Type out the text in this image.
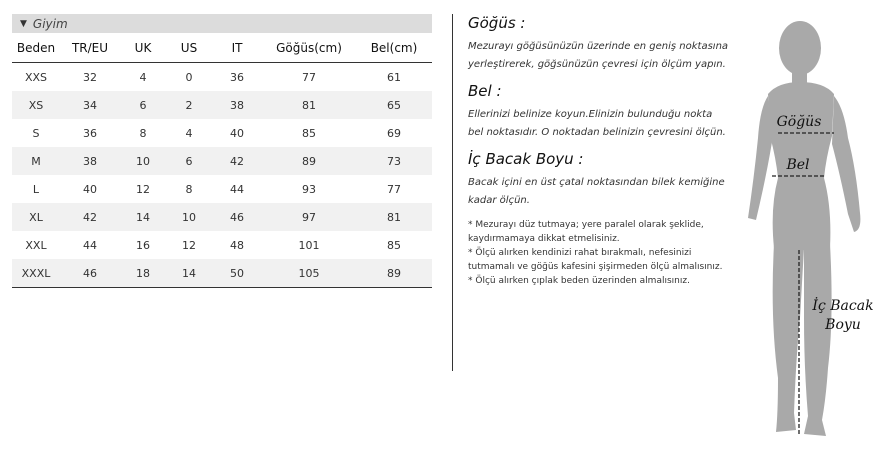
▼ Giyim
Beden	TR/EU	UK	US	IT	Göğüs(cm)	Bel(cm)
XXS	32	4	0	36	77	61
XS	34	6	2	38	81	65
S	36	8	4	40	85	69
M	38	10	6	42	89	73
L	40	12	8	44	93	77
XL	42	14	10	46	97	81
XXL	44	16	12	48	101	85
XXXL	46	18	14	50	105	89
Göğüs :

Mezurayı göğüsünüzün üzerinde en geniş noktasına yerleştirerek, göğsünüzün çevresi için ölçüm yapın.

Bel :

Ellerinizi belinize koyun.Elinizin bulunduğu nokta bel noktasıdır. O noktadan belinizin çevresini ölçün.

İç Bacak Boyu :

Bacak içini en üst çatal noktasından bilek kemiğine kadar ölçün.

* Mezurayı düz tutmaya; yere paralel olarak şeklide, kaydırmamaya dikkat etmelisiniz.
* Ölçü alırken kendinizi rahat bırakmalı, nefesinizi tutmamalı ve göğüs kafesini şişirmeden ölçü almalısınız.
* Ölçü alırken çıplak beden üzerinden almalısınız.
Göğüs
Bel
İç Bacak
Boyu
